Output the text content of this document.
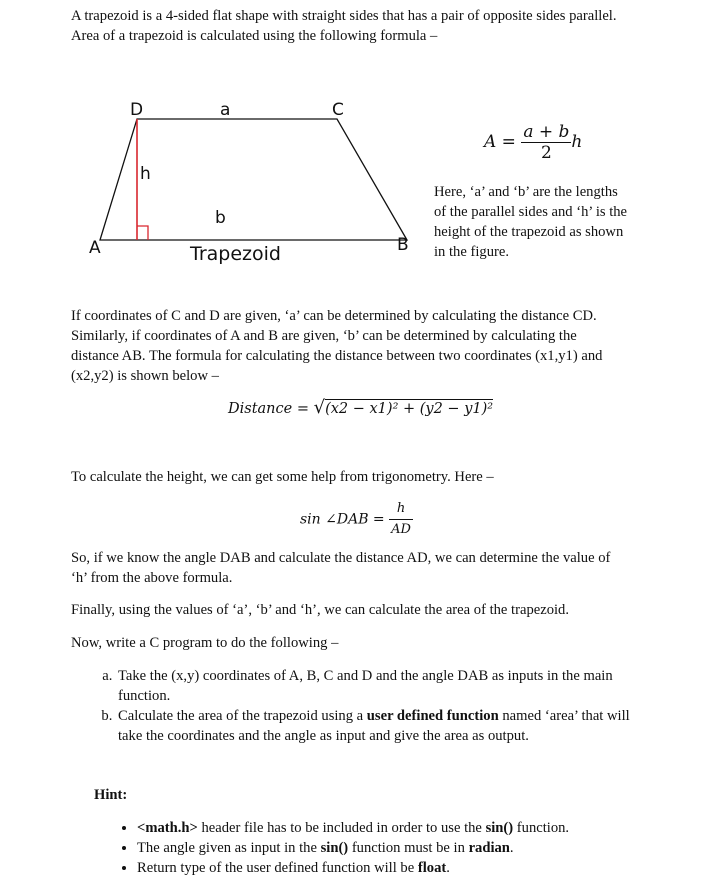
A trapezoid is a 4-sided flat shape with straight sides that has a pair of opposite sides parallel.
Area of a trapezoid is calculated using the following formula –

D	a	C
h
b
A	B
Trapezoid
$A = \frac{a + b}{2}$ h

Here, ‘a’ and ‘b’ are the lengths
of the parallel sides and ‘h’ is the
height of the trapezoid as shown
in the figure.

If coordinates of C and D are given, ‘a’ can be determined by calculating the distance CD.
Similarly, if coordinates of A and B are given, ‘b’ can be determined by calculating the
distance AB. The formula for calculating the distance between two coordinates (x1,y1) and
(x2,y2) is shown below –

Distance = √(x2 − x1)² + (y2 − y1)²

To calculate the height, we can get some help from trigonometry. Here –

sin ∠DAB = $\frac{h}{AD}$

So, if we know the angle DAB and calculate the distance AD, we can determine the value of
‘h’ from the above formula.

Finally, using the values of ‘a’, ‘b’ and ‘h’, we can calculate the area of the trapezoid.

Now, write a C program to do the following –

a. Take the (x,y) coordinates of A, B, C and D and the angle DAB as inputs in the main function.
b. Calculate the area of the trapezoid using a user defined function named ‘area’ that will take the coordinates and the angle as input and give the area as output.

Hint:

• <math.h> header file has to be included in order to use the sin() function.
• The angle given as input in the sin() function must be in radian.
• Return type of the user defined function will be float.
